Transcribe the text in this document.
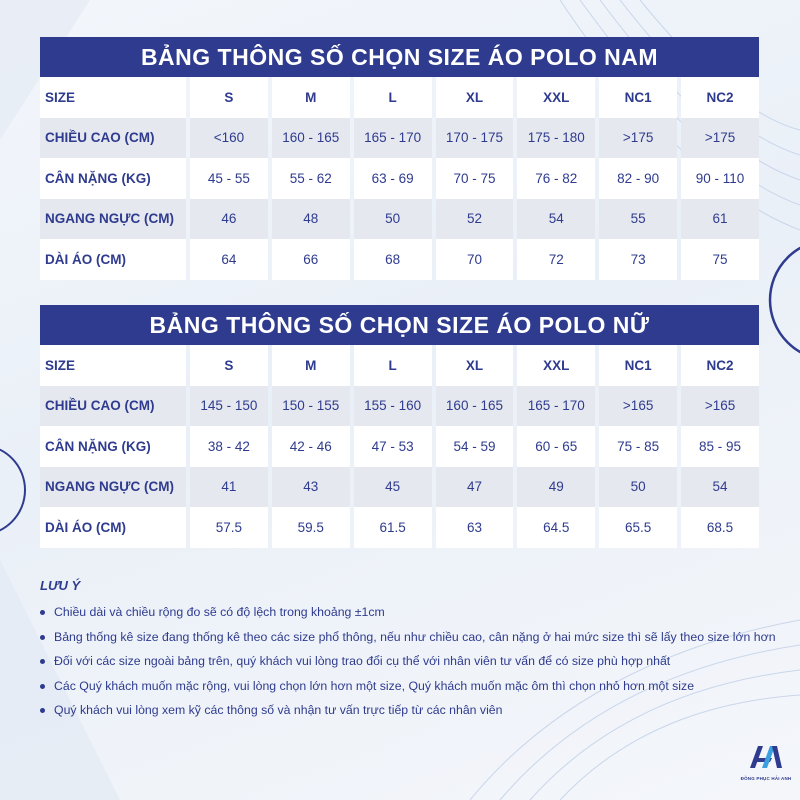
BẢNG THÔNG SỐ CHỌN SIZE ÁO POLO NAM
SIZE	S	M	L	XL	XXL	NC1	NC2
CHIỀU CAO (CM)	<160	160 - 165	165 - 170	170 - 175	175 - 180	>175	>175
CÂN NẶNG (KG)	45 - 55	55 - 62	63 - 69	70 - 75	76 - 82	82 - 90	90 - 110
NGANG NGỰC (CM)	46	48	50	52	54	55	61
DÀI ÁO (CM)	64	66	68	70	72	73	75
BẢNG THÔNG SỐ CHỌN SIZE ÁO POLO NỮ
SIZE	S	M	L	XL	XXL	NC1	NC2
CHIỀU CAO (CM)	145 - 150	150 - 155	155 - 160	160 - 165	165 - 170	>165	>165
CÂN NẶNG (KG)	38 - 42	42 - 46	47 - 53	54 - 59	60 - 65	75 - 85	85 - 95
NGANG NGỰC (CM)	41	43	45	47	49	50	54
DÀI ÁO (CM)	57.5	59.5	61.5	63	64.5	65.5	68.5
LƯU Ý
Chiều dài và chiều rộng đo sẽ có độ lệch trong khoảng ±1cm
Bảng thống kê size đang thống kê theo các size phổ thông, nếu như chiều cao, cân nặng ở hai mức size thì sẽ lấy theo size lớn hơn
Đối với các size ngoài bảng trên, quý khách vui lòng trao đổi cụ thể với nhân viên tư vấn để có size phù hợp nhất
Các Quý khách muốn mặc rộng, vui lòng chọn lớn hơn một size, Quý khách muốn mặc ôm thì chọn nhỏ hơn một size
Quý khách vui lòng xem kỹ các thông số và nhận tư vấn trực tiếp từ các nhân viên
ĐỒNG PHỤC HẢI ANH
